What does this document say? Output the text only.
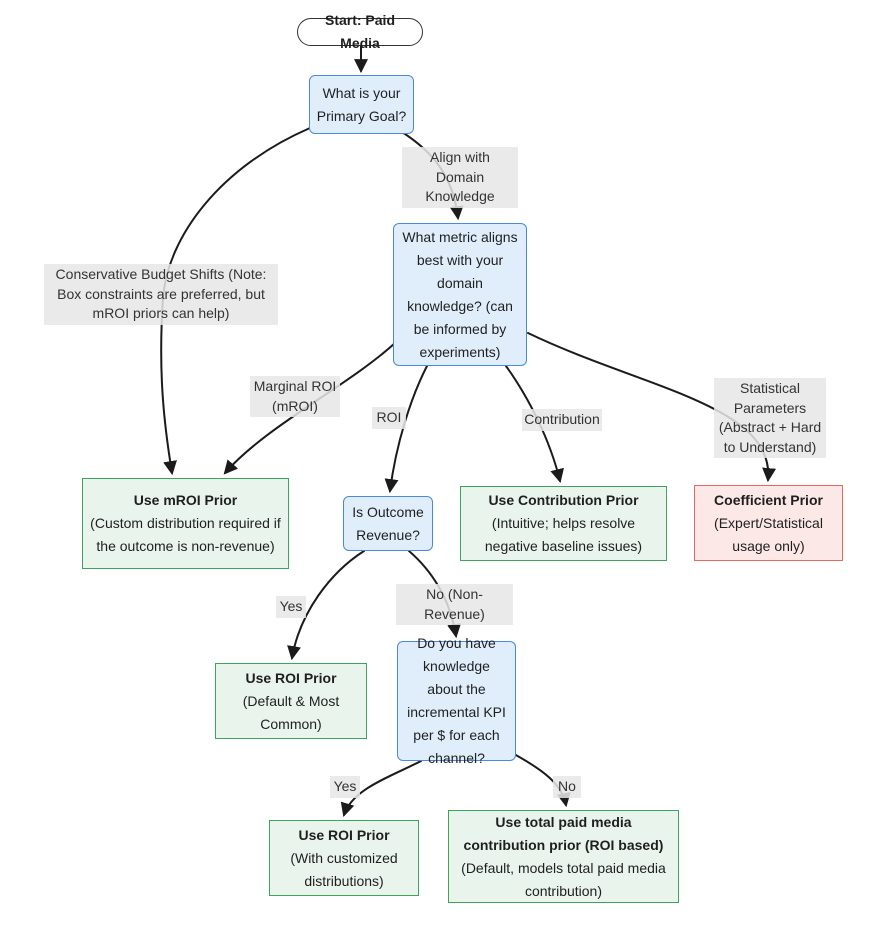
Conservative Budget Shifts (Note: Box constraints are preferred, but mROI priors can help)
Align with Domain Knowledge
Marginal ROI (mROI)
ROI	Contribution
Statistical Parameters (Abstract + Hard to Understand)
Yes
No (Non-Revenue)
Yes	No
Start: Paid Media
What is your Primary Goal?
What metric aligns best with your domain knowledge? (can be informed by experiments)
Use mROI Prior
(Custom distribution required if the outcome is non-revenue)
Is Outcome Revenue?
Use Contribution Prior
(Intuitive; helps resolve negative baseline issues)
Coefficient Prior
(Expert/Statistical usage only)
Use ROI Prior
(Default & Most Common)
Do you have knowledge about the incremental KPI per $ for each channel?
Use ROI Prior
(With customized distributions)
Use total paid media contribution prior (ROI based)
(Default, models total paid media contribution)
